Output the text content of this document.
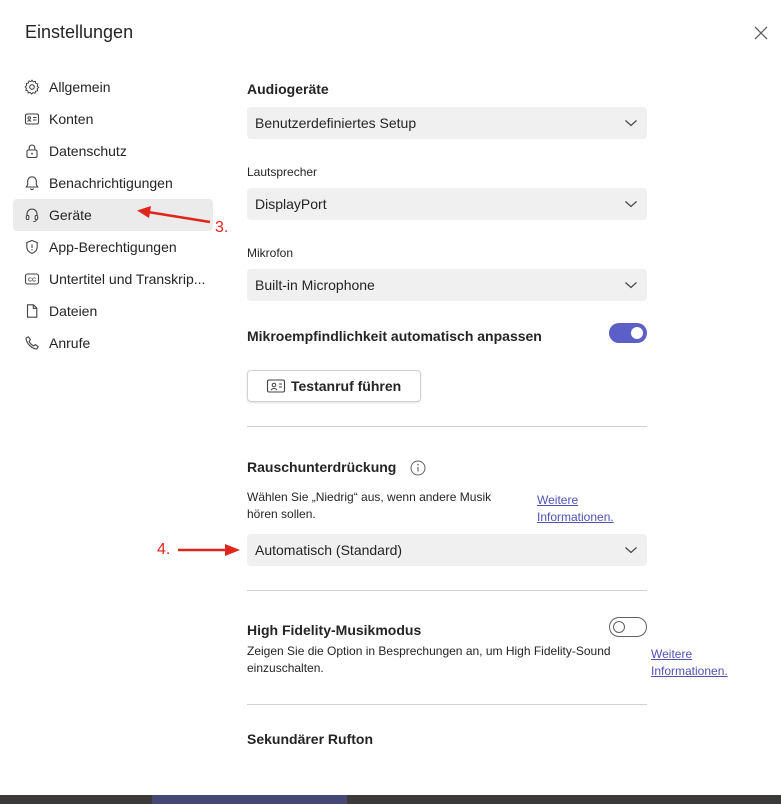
Einstellungen
Allgemein
Konten
Datenschutz
Benachrichtigungen
Geräte
App-Berechtigungen
CC Untertitel und Transkrip...
Dateien
Anrufe
3.
4.
Audiogeräte
Benutzerdefiniertes Setup
Lautsprecher
DisplayPort
Mikrofon
Built-in Microphone
Mikroempfindlichkeit automatisch anpassen
Testanruf führen
Rauschunterdrückung
Wählen Sie „Niedrig“ aus, wenn andere Musik hören sollen.
Weitere Informationen.
Automatisch (Standard)
High Fidelity-Musikmodus
Zeigen Sie die Option in Besprechungen an, um High Fidelity-Sound einzuschalten.
Weitere Informationen.
Sekundärer Rufton
